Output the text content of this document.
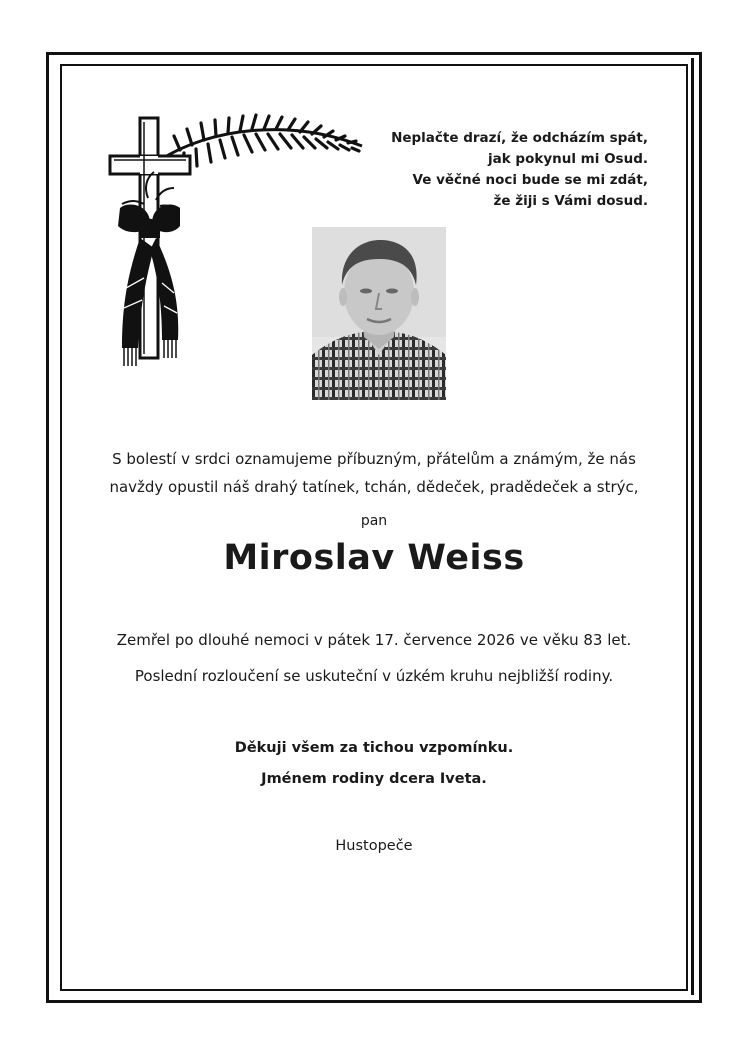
Neplačte drazí, že odcházím spát,
jak pokynul mi Osud.
Ve věčné noci bude se mi zdát,
že žiji s Vámi dosud.
S bolestí v srdci oznamujeme příbuzným, přátelům a známým, že nás
navždy opustil náš drahý tatínek, tchán, dědeček, pradědeček a strýc,
pan
Miroslav Weiss
Zemřel po dlouhé nemoci v pátek 17. července 2026 ve věku 83 let.
Poslední rozloučení se uskuteční v úzkém kruhu nejbližší rodiny.
Děkuji všem za tichou vzpomínku.
Jménem rodiny dcera Iveta.
Hustopeče
